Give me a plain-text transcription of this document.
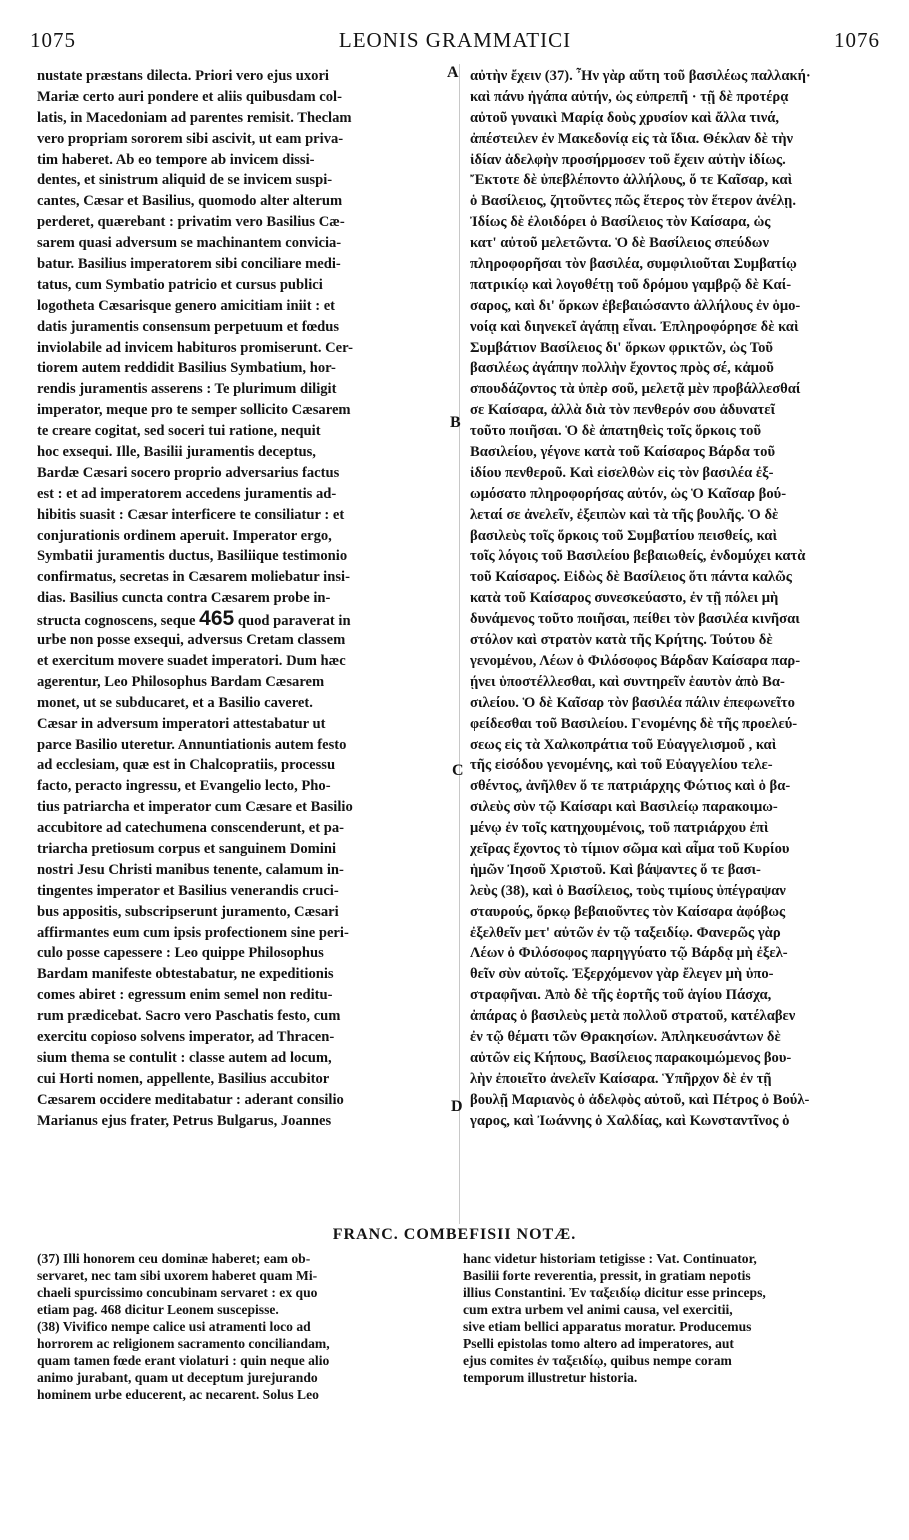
1075	LEONIS GRAMMATICI	1076
nustate præstans dilecta. Priori vero ejus uxori
Mariæ certo auri pondere et aliis quibusdam col-
latis, in Macedoniam ad parentes remisit. Theclam
vero propriam sororem sibi ascivit, ut eam priva-
tim haberet. Ab eo tempore ab invicem dissi-
dentes, et sinistrum aliquid de se invicem suspi-
cantes, Cæsar et Basilius, quomodo alter alterum
perderet, quærebant : privatim vero Basilius Cæ-
sarem quasi adversum se machinantem convicia-
batur. Basilius imperatorem sibi conciliare medi-
tatus, cum Symbatio patricio et cursus publici
logotheta Cæsarisque genero amicitiam iniit : et
datis juramentis consensum perpetuum et fœdus
inviolabile ad invicem habituros promiserunt. Cer-
tiorem autem reddidit Basilius Symbatium, hor-
rendis juramentis asserens : Te plurimum diligit
imperator, meque pro te semper sollicito Cæsarem
te creare cogitat, sed soceri tui ratione, nequit
hoc exsequi. Ille, Basilii juramentis deceptus,
Bardæ Cæsari socero proprio adversarius factus
est : et ad imperatorem accedens juramentis ad-
hibitis suasit : Cæsar interficere te consiliatur : et
conjurationis ordinem aperuit. Imperator ergo,
Symbatii juramentis ductus, Basiliique testimonio
confirmatus, secretas in Cæsarem moliebatur insi-
dias. Basilius cuncta contra Cæsarem probe in-
structa cognoscens, seque 465 quod paraverat in
urbe non posse exsequi, adversus Cretam classem
et exercitum movere suadet imperatori. Dum hæc
agerentur, Leo Philosophus Bardam Cæsarem
monet, ut se subducaret, et a Basilio caveret.
Cæsar in adversum imperatori attestabatur ut
parce Basilio uteretur. Annuntiationis autem festo
ad ecclesiam, quæ est in Chalcopratiis, processu
facto, peracto ingressu, et Evangelio lecto, Pho-
tius patriarcha et imperator cum Cæsare et Basilio
accubitore ad catechumena conscenderunt, et pa-
triarcha pretiosum corpus et sanguinem Domini
nostri Jesu Christi manibus tenente, calamum in-
tingentes imperator et Basilius venerandis cruci-
bus appositis, subscripserunt juramento, Cæsari
affirmantes eum cum ipsis profectionem sine peri-
culo posse capessere : Leo quippe Philosophus
Bardam manifeste obtestabatur, ne expeditionis
comes abiret : egressum enim semel non reditu-
rum prædicebat. Sacro vero Paschatis festo, cum
exercitu copioso solvens imperator, ad Thracen-
sium thema se contulit : classe autem ad locum,
cui Horti nomen, appellente, Basilius accubitor
Cæsarem occidere meditabatur : aderant consilio
Marianus ejus frater, Petrus Bulgarus, Joannes
αὐτὴν ἔχειν (37). Ἦν γὰρ αὕτη τοῦ βασιλέως παλλακή·
καὶ πάνυ ἠγάπα αὐτήν, ὡς εὐπρεπῆ · τῇ δὲ προτέρᾳ
αὐτοῦ γυναικὶ Μαρίᾳ δοὺς χρυσίον καὶ ἄλλα τινά,
ἀπέστειλεν ἐν Μακεδονίᾳ εἰς τὰ ἴδια. Θέκλαν δὲ τὴν
ἰδίαν ἀδελφὴν προσήρμοσεν τοῦ ἔχειν αὐτὴν ἰδίως.
Ἔκτοτε δὲ ὑπεβλέποντο ἀλλήλους, ὅ τε Καῖσαρ, καὶ
ὁ Βασίλειος, ζητοῦντες πῶς ἕτερος τὸν ἕτερον ἀνέλῃ.
Ἰδίως δὲ ἐλοιδόρει ὁ Βασίλειος τὸν Καίσαρα, ὡς
κατ' αὐτοῦ μελετῶντα. Ὁ δὲ Βασίλειος σπεύδων
πληροφορῆσαι τὸν βασιλέα, συμφιλιοῦται Συμβατίῳ
πατρικίῳ καὶ λογοθέτῃ τοῦ δρόμου γαμβρῷ δὲ Καί-
σαρος, καὶ δι' ὅρκων ἐβεβαιώσαντο ἀλλήλους ἐν ὁμο-
νοίᾳ καὶ διηνεκεῖ ἀγάπῃ εἶναι. Ἐπληροφόρησε δὲ καὶ
Συμβάτιον Βασίλειος δι' ὅρκων φρικτῶν, ὡς Τοῦ
βασιλέως ἀγάπην πολλὴν ἔχοντος πρὸς σέ, κἀμοῦ
σπουδάζοντος τὰ ὑπὲρ σοῦ, μελετᾷ μὲν προβάλλεσθαί
σε Καίσαρα, ἀλλὰ διὰ τὸν πενθερόν σου ἀδυνατεῖ
τοῦτο ποιῆσαι. Ὁ δὲ ἀπατηθεὶς τοῖς ὅρκοις τοῦ
Βασιλείου, γέγονε κατὰ τοῦ Καίσαρος Βάρδα τοῦ
ἰδίου πενθεροῦ. Καὶ εἰσελθὼν εἰς τὸν βασιλέα ἐξ-
ωμόσατο πληροφορήσας αὐτόν, ὡς Ὁ Καῖσαρ βού-
λεταί σε ἀνελεῖν, ἐξειπὼν καὶ τὰ τῆς βουλῆς. Ὁ δὲ
βασιλεὺς τοῖς ὅρκοις τοῦ Συμβατίου πεισθείς, καὶ
τοῖς λόγοις τοῦ Βασιλείου βεβαιωθείς, ἐνδομύχει κατὰ
τοῦ Καίσαρος. Εἰδὼς δὲ Βασίλειος ὅτι πάντα καλῶς
κατὰ τοῦ Καίσαρος συνεσκεύαστο, ἐν τῇ πόλει μὴ
δυνάμενος τοῦτο ποιῆσαι, πείθει τὸν βασιλέα κινῆσαι
στόλον καὶ στρατὸν κατὰ τῆς Κρήτης. Τούτου δὲ
γενομένου, Λέων ὁ Φιλόσοφος Βάρδαν Καίσαρα παρ-
ῄνει ὑποστέλλεσθαι, καὶ συντηρεῖν ἑαυτὸν ἀπὸ Βα-
σιλείου. Ὁ δὲ Καῖσαρ τὸν βασιλέα πάλιν ἐπεφωνεῖτο
φείδεσθαι τοῦ Βασιλείου. Γενομένης δὲ τῆς προελεύ-
σεως εἰς τὰ Χαλκοπράτια τοῦ Εὐαγγελισμοῦ , καὶ
τῆς εἰσόδου γενομένης, καὶ τοῦ Εὐαγγελίου τελε-
σθέντος, ἀνῆλθεν ὅ τε πατριάρχης Φώτιος καὶ ὁ βα-
σιλεὺς σὺν τῷ Καίσαρι καὶ Βασιλείῳ παρακοιμω-
μένῳ ἐν τοῖς κατηχουμένοις, τοῦ πατριάρχου ἐπὶ
χεῖρας ἔχοντος τὸ τίμιον σῶμα καὶ αἷμα τοῦ Κυρίου
ἡμῶν Ἰησοῦ Χριστοῦ. Καὶ βάψαντες ὅ τε βασι-
λεὺς (38), καὶ ὁ Βασίλειος, τοὺς τιμίους ὑπέγραψαν
σταυρούς, ὅρκῳ βεβαιοῦντες τὸν Καίσαρα ἀφόβως
ἐξελθεῖν μετ' αὐτῶν ἐν τῷ ταξειδίῳ. Φανερῶς γὰρ
Λέων ὁ Φιλόσοφος παρηγγύατο τῷ Βάρδᾳ μὴ ἐξελ-
θεῖν σὺν αὐτοῖς. Ἐξερχόμενον γὰρ ἔλεγεν μὴ ὑπο-
στραφῆναι. Ἀπὸ δὲ τῆς ἑορτῆς τοῦ ἁγίου Πάσχα,
ἀπάρας ὁ βασιλεὺς μετὰ πολλοῦ στρατοῦ, κατέλαβεν
ἐν τῷ θέματι τῶν Θρακησίων. Ἀπληκευσάντων δὲ
αὐτῶν εἰς Κήπους, Βασίλειος παρακοιμώμενος βου-
λὴν ἐποιεῖτο ἀνελεῖν Καίσαρα. Ὑπῆρχον δὲ ἐν τῇ
βουλῇ Μαριανὸς ὁ ἀδελφὸς αὐτοῦ, καὶ Πέτρος ὁ Βούλ-
γαρος, καὶ Ἰωάννης ὁ Χαλδίας, καὶ Κωνσταντῖνος ὁ
A
B
C
D
FRANC. COMBEFISII NOTÆ.
(37) Illi honorem ceu dominæ haberet; eam ob-
servaret, nec tam sibi uxorem haberet quam Mi-
chaeli spurcissimo concubinam servaret : ex quo
etiam pag. 468 dicitur Leonem suscepisse.
(38) Vivifico nempe calice usi atramenti loco ad
horrorem ac religionem sacramento conciliandam,
quam tamen fœde erant violaturi : quin neque alio
animo jurabant, quam ut deceptum jurejurando
hominem urbe educerent, ac necarent. Solus Leo
hanc videtur historiam tetigisse : Vat. Continuator,
Basilii forte reverentia, pressit, in gratiam nepotis
illius Constantini. Ἐν ταξειδίῳ dicitur esse princeps,
cum extra urbem vel animi causa, vel exercitii,
sive etiam bellici apparatus moratur. Producemus
Pselli epistolas tomo altero ad imperatores, aut
ejus comites ἐν ταξειδίῳ, quibus nempe coram
temporum illustretur historia.
